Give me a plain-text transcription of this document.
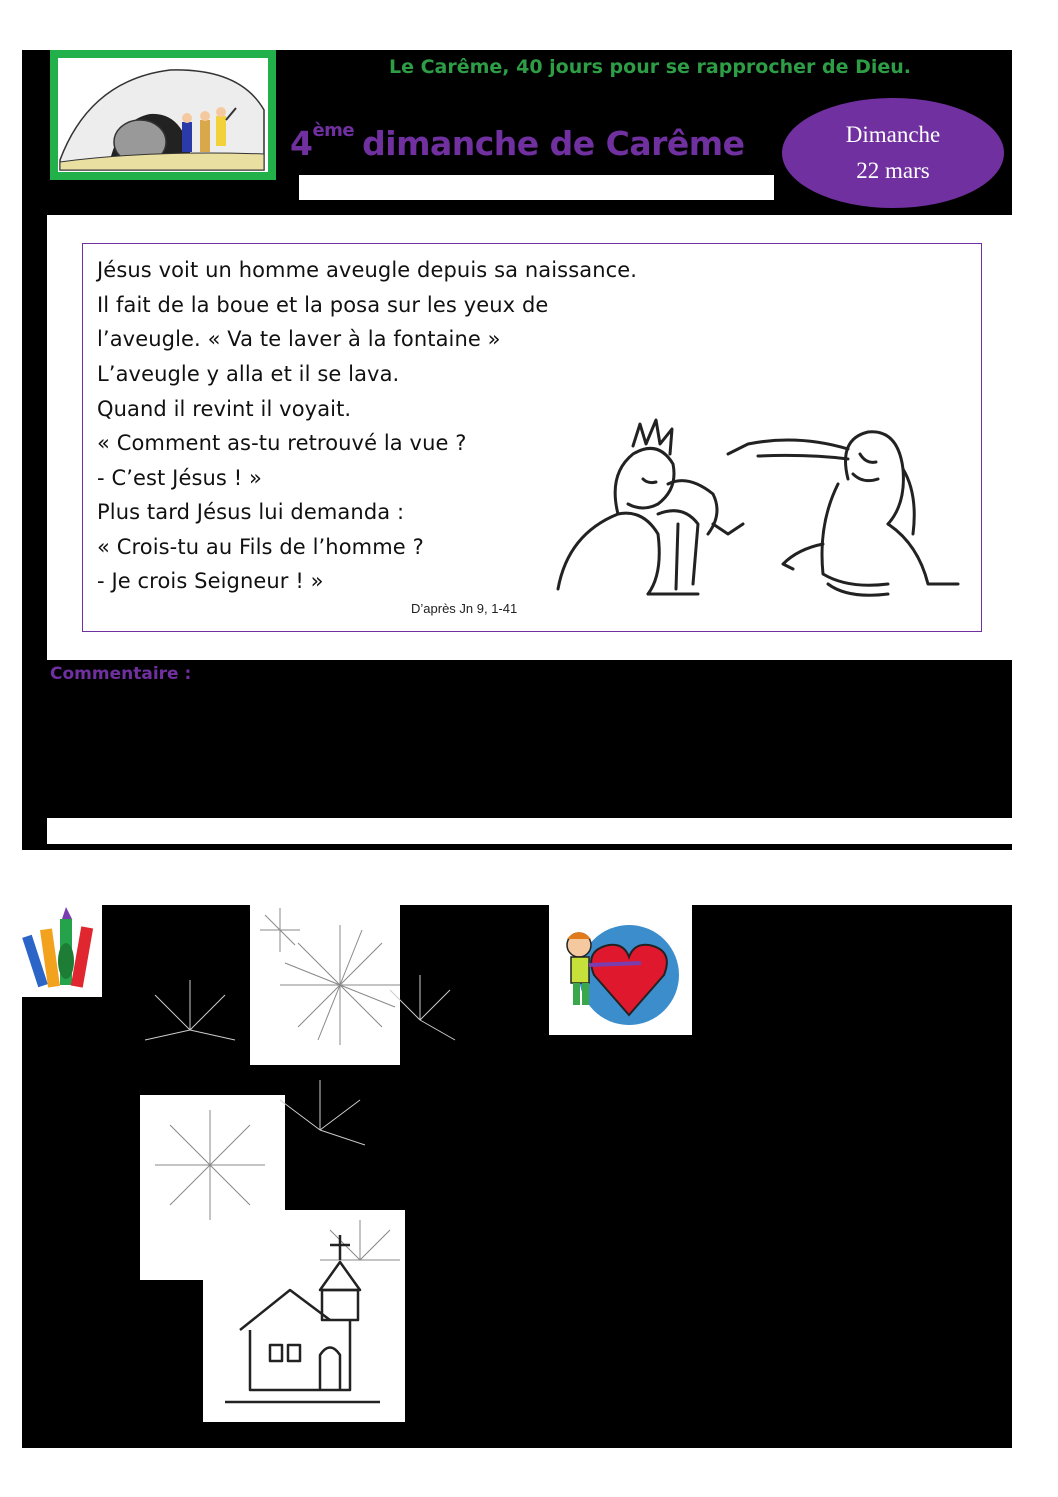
Le Carême, 40 jours pour se rapprocher de Dieu.
4ème dimanche de Carême	Dimanche
22 mars
Jésus voit un homme aveugle depuis sa naissance.
Il fait de la boue et la posa sur les yeux de
l’aveugle. « Va te laver à la fontaine »
L’aveugle y alla et il se lava.
Quand il revint il voyait.
« Comment as-tu retrouvé la vue ?
- C’est Jésus ! »
Plus tard Jésus lui demanda :
« Crois-tu au Fils de l’homme ?
- Je crois Seigneur ! »
D’après Jn 9, 1-41
Commentaire :
